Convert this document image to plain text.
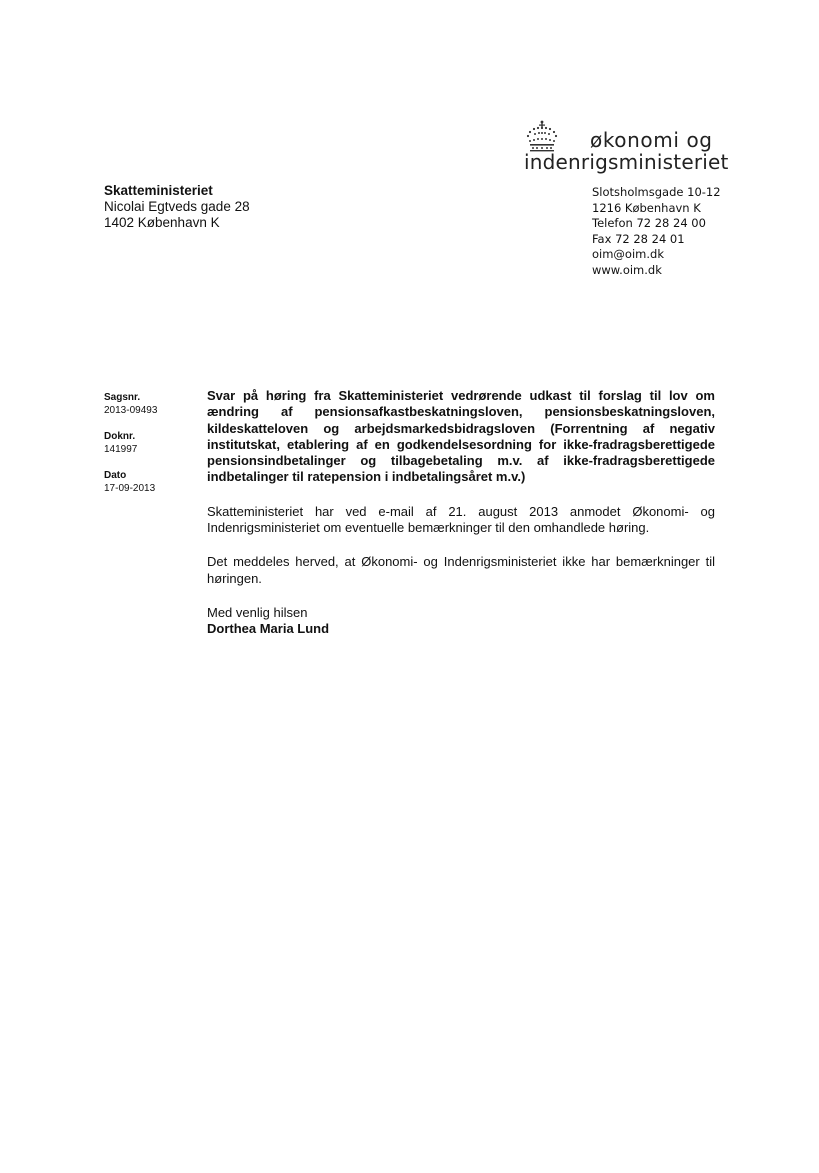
økonomi og
indenrigsministeriet
Skatteministeriet
Nicolai Egtveds gade 28
1402 København K
Slotsholmsgade 10-12
1216 København K
Telefon 72 28 24 00
Fax 72 28 24 01
oim@oim.dk
www.oim.dk
Sagsnr.
2013-09493
Doknr.
141997
Dato
17-09-2013

Svar på høring fra Skatteministeriet vedrørende udkast til forslag til lov om ændring af pensionsafkastbeskatningsloven, pensionsbeskatningsloven, kildeskatteloven og arbejdsmarkedsbidragsloven (Forrentning af negativ institutskat, etablering af en godkendelsesordning for ikke-fradragsberettigede pensionsindbetalinger og tilbagebetaling m.v. af ikke-fradragsberettigede indbetalinger til ratepension i indbetalingsåret m.v.)

Skatteministeriet har ved e-mail af 21. august 2013 anmodet Økonomi- og Indenrigsministeriet om eventuelle bemærkninger til den omhandlede høring.

Det meddeles herved, at Økonomi- og Indenrigsministeriet ikke har bemærkninger til høringen.

Med venlig hilsen

Dorthea Maria Lund
